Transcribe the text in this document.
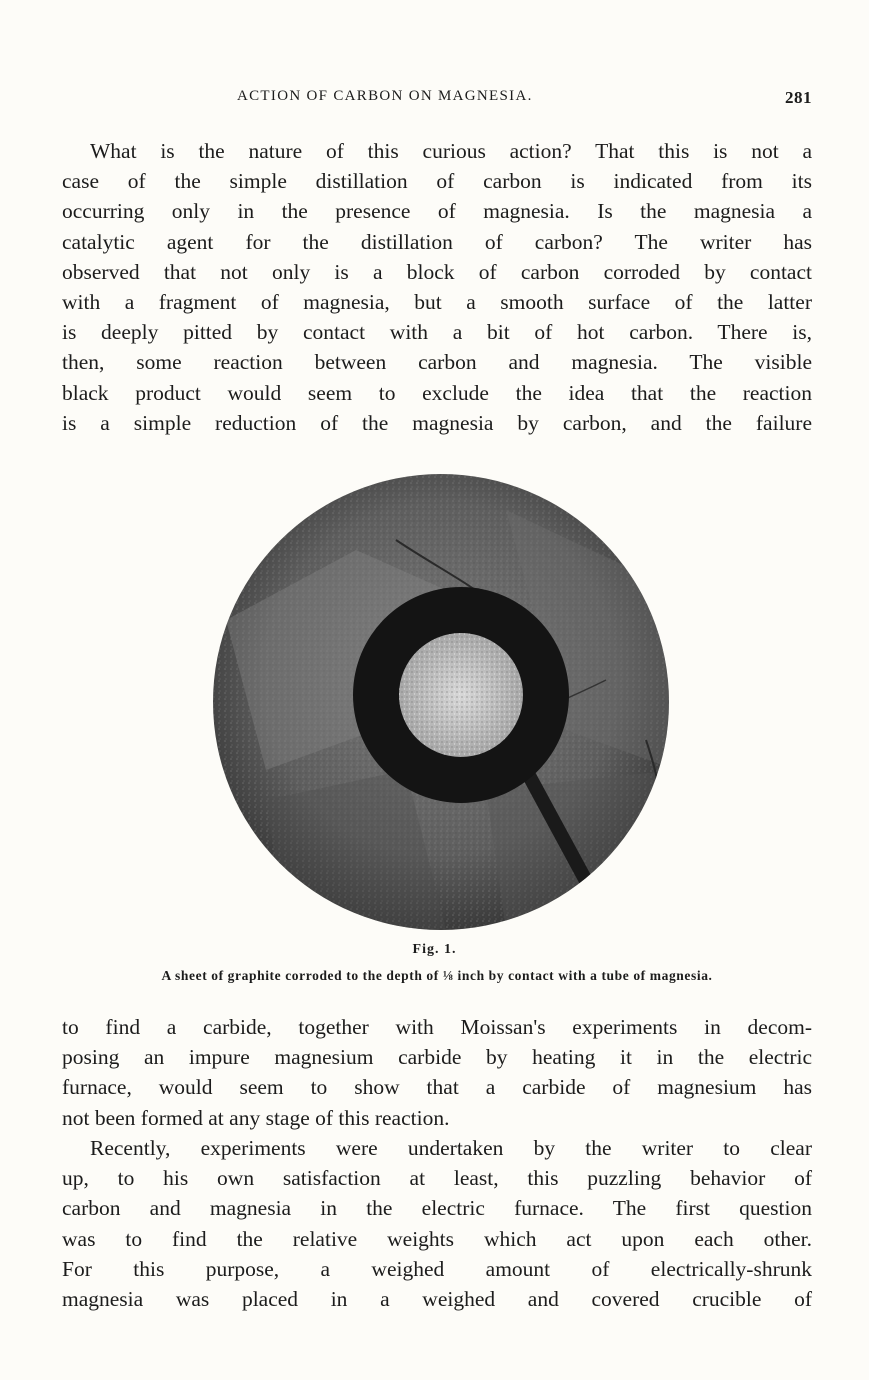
ACTION OF CARBON ON MAGNESIA.	281
What is the nature of this curious action? That this is not a
case of the simple distillation of carbon is indicated from its
occurring only in the presence of magnesia. Is the magnesia a
catalytic agent for the distillation of carbon? The writer has
observed that not only is a block of carbon corroded by contact
with a fragment of magnesia, but a smooth surface of the latter
is deeply pitted by contact with a bit of hot carbon. There is,
then, some reaction between carbon and magnesia. The visible
black product would seem to exclude the idea that the reaction
is a simple reduction of the magnesia by carbon, and the failure
Fig. 1.
A sheet of graphite corroded to the depth of ⅛ inch by contact with a tube of magnesia.
to find a carbide, together with Moissan's experiments in decom-
posing an impure magnesium carbide by heating it in the electric
furnace, would seem to show that a carbide of magnesium has
not been formed at any stage of this reaction.
Recently, experiments were undertaken by the writer to clear
up, to his own satisfaction at least, this puzzling behavior of
carbon and magnesia in the electric furnace. The first question
was to find the relative weights which act upon each other.
For this purpose, a weighed amount of electrically-shrunk
magnesia was placed in a weighed and covered crucible of
